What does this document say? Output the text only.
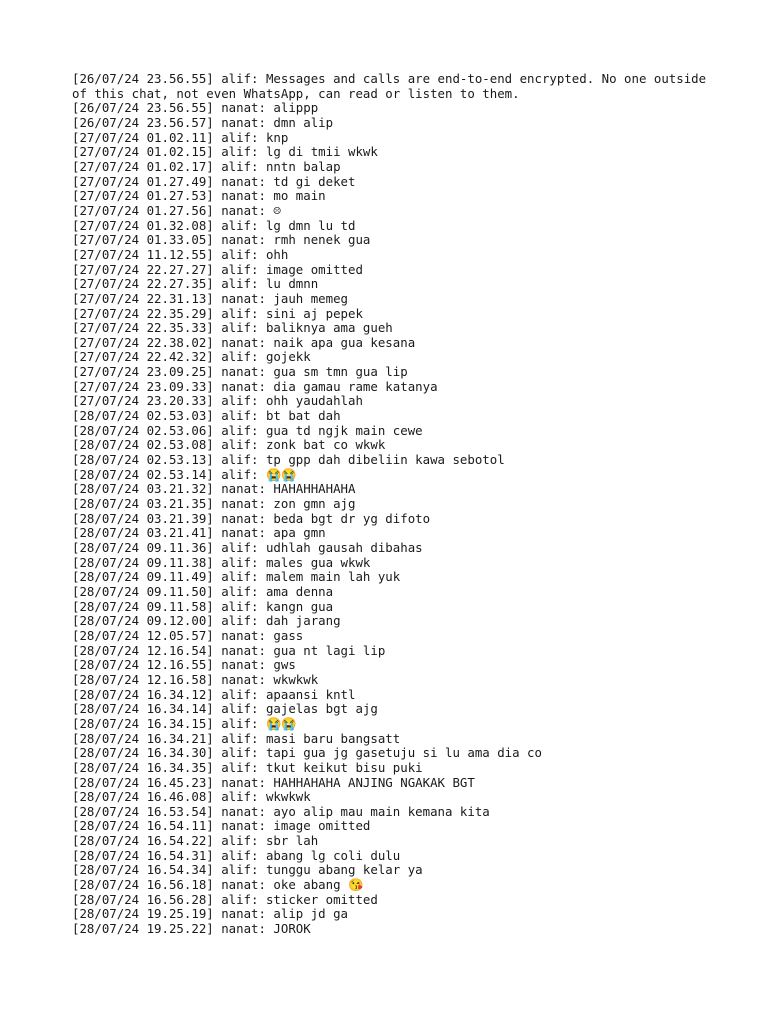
[26/07/24 23.56.55] alif: Messages and calls are end-to-end encrypted. No one outside of this chat, not even WhatsApp, can read or listen to them.
[26/07/24 23.56.55] nanat: alippp
[26/07/24 23.56.57] nanat: dmn alip
[27/07/24 01.02.11] alif: knp
[27/07/24 01.02.15] alif: lg di tmii wkwk
[27/07/24 01.02.17] alif: nntn balap
[27/07/24 01.27.49] nanat: td gi deket
[27/07/24 01.27.53] nanat: mo main
[27/07/24 01.27.56] nanat: ☹
[27/07/24 01.32.08] alif: lg dmn lu td
[27/07/24 01.33.05] nanat: rmh nenek gua
[27/07/24 11.12.55] alif: ohh
[27/07/24 22.27.27] alif: image omitted
[27/07/24 22.27.35] alif: lu dmnn
[27/07/24 22.31.13] nanat: jauh memeg
[27/07/24 22.35.29] alif: sini aj pepek
[27/07/24 22.35.33] alif: baliknya ama gueh
[27/07/24 22.38.02] nanat: naik apa gua kesana
[27/07/24 22.42.32] alif: gojekk
[27/07/24 23.09.25] nanat: gua sm tmn gua lip
[27/07/24 23.09.33] nanat: dia gamau rame katanya
[27/07/24 23.20.33] alif: ohh yaudahlah
[28/07/24 02.53.03] alif: bt bat dah
[28/07/24 02.53.06] alif: gua td ngjk main cewe
[28/07/24 02.53.08] alif: zonk bat co wkwk
[28/07/24 02.53.13] alif: tp gpp dah dibeliin kawa sebotol
[28/07/24 02.53.14] alif: 😭😭
[28/07/24 03.21.32] nanat: HAHAHHAHAHA
[28/07/24 03.21.35] nanat: zon gmn ajg
[28/07/24 03.21.39] nanat: beda bgt dr yg difoto
[28/07/24 03.21.41] nanat: apa gmn
[28/07/24 09.11.36] alif: udhlah gausah dibahas
[28/07/24 09.11.38] alif: males gua wkwk
[28/07/24 09.11.49] alif: malem main lah yuk
[28/07/24 09.11.50] alif: ama denna
[28/07/24 09.11.58] alif: kangn gua
[28/07/24 09.12.00] alif: dah jarang
[28/07/24 12.05.57] nanat: gass
[28/07/24 12.16.54] nanat: gua nt lagi lip
[28/07/24 12.16.55] nanat: gws
[28/07/24 12.16.58] nanat: wkwkwk
[28/07/24 16.34.12] alif: apaansi kntl
[28/07/24 16.34.14] alif: gajelas bgt ajg
[28/07/24 16.34.15] alif: 😭😭
[28/07/24 16.34.21] alif: masi baru bangsatt
[28/07/24 16.34.30] alif: tapi gua jg gasetuju si lu ama dia co
[28/07/24 16.34.35] alif: tkut keikut bisu puki
[28/07/24 16.45.23] nanat: HAHHAHAHA ANJING NGAKAK BGT
[28/07/24 16.46.08] alif: wkwkwk
[28/07/24 16.53.54] nanat: ayo alip mau main kemana kita
[28/07/24 16.54.11] nanat: image omitted
[28/07/24 16.54.22] alif: sbr lah
[28/07/24 16.54.31] alif: abang lg coli dulu
[28/07/24 16.54.34] alif: tunggu abang kelar ya
[28/07/24 16.56.18] nanat: oke abang 😘
[28/07/24 16.56.28] alif: sticker omitted
[28/07/24 19.25.19] nanat: alip jd ga
[28/07/24 19.25.22] nanat: JOROK
